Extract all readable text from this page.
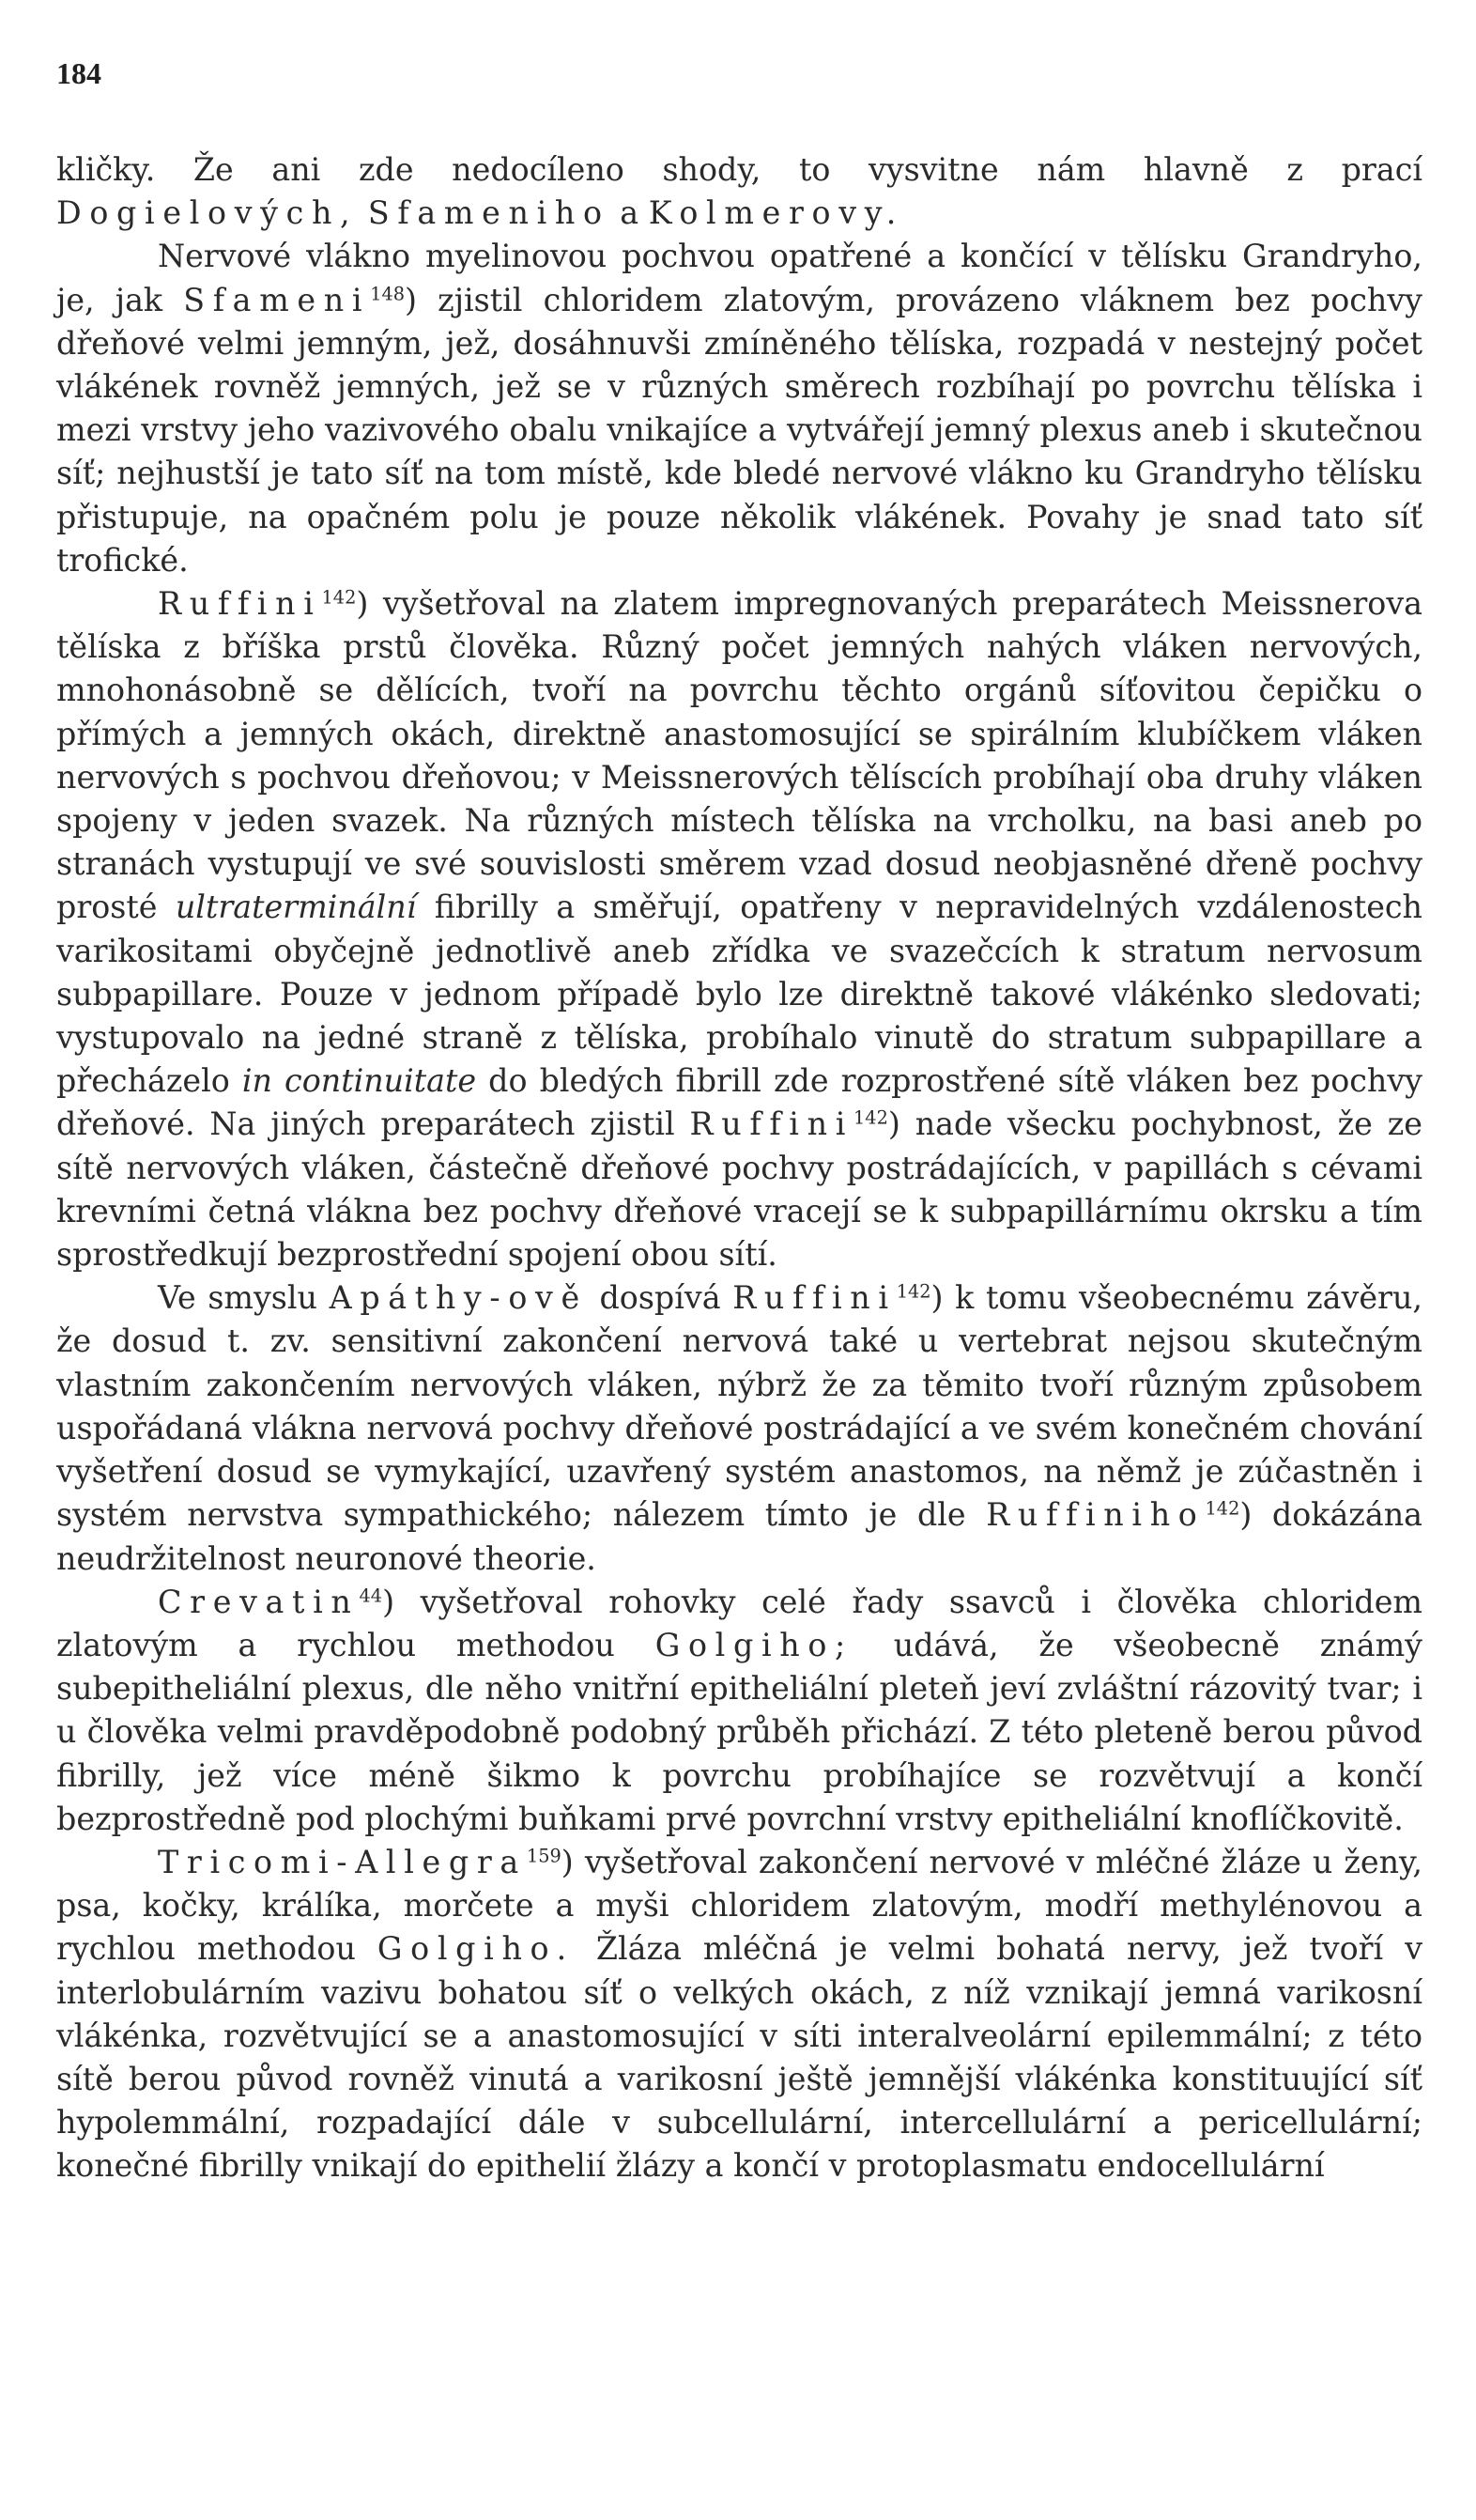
184

kličky. Že ani zde nedocíleno shody, to vysvitne nám hlavně z prací Dogielových, Sfameniho a Kolmerovy.

Nervové vlákno myelinovou pochvou opatřené a končící v tělísku Grandryho, je, jak Sfameni$^{148}$) zjistil chloridem zlatovým, provázeno vláknem bez pochvy dřeňové velmi jemným, jež, dosáhnuvši zmíněného tělíska, rozpadá v nestejný počet vlákének rovněž jemných, jež se v různých směrech rozbíhají po povrchu tělíska i mezi vrstvy jeho vazivového obalu vnikajíce a vytvářejí jemný plexus aneb i skutečnou síť; nejhustší je tato síť na tom místě, kde bledé nervové vlákno ku Grandryho tělísku přistupuje, na opačném polu je pouze několik vlákének. Povahy je snad tato síť trofické.

Ruffini$^{142}$) vyšetřoval na zlatem impregnovaných preparátech Meissnerova tělíska z bříška prstů člověka. Různý počet jemných nahých vláken nervových, mnohonásobně se dělících, tvoří na povrchu těchto orgánů síťovitou čepičku o přímých a jemných okách, direktně anastomosující se spirálním klubíčkem vláken nervových s pochvou dřeňovou; v Meissnerových tělíscích probíhají oba druhy vláken spojeny v jeden svazek. Na různých místech tělíska na vrcholku, na basi aneb po stranách vystupují ve své souvislosti směrem vzad dosud neobjasněné dřeně pochvy prosté ultraterminální fibrilly a směřují, opatřeny v nepravidelných vzdálenostech varikositami obyčejně jednotlivě aneb zřídka ve svazečcích k stratum nervosum subpapillare. Pouze v jednom případě bylo lze direktně takové vlákénko sledovati; vystupovalo na jedné straně z tělíska, probíhalo vinutě do stratum subpapillare a přecházelo in continuitate do bledých fibrill zde rozprostřené sítě vláken bez pochvy dřeňové. Na jiných preparátech zjistil Ruffini$^{142}$) nade všecku pochybnost, že ze sítě nervových vláken, částečně dřeňové pochvy postrádajících, v papillách s cévami krevními četná vlákna bez pochvy dřeňové vracejí se k subpapillárnímu okrsku a tím sprostředkují bezprostřední spojení obou sítí.

Ve smyslu Apáthy-ově dospívá Ruffini$^{142}$) k tomu všeobecnému závěru, že dosud t. zv. sensitivní zakončení nervová také u vertebrat nejsou skutečným vlastním zakončením nervových vláken, nýbrž že za těmito tvoří různým způsobem uspořádaná vlákna nervová pochvy dřeňové postrádající a ve svém konečném chování vyšetření dosud se vymykající, uzavřený systém anastomos, na němž je zúčastněn i systém nervstva sympathického; nálezem tímto je dle Ruffiniho$^{142}$) dokázána neudržitelnost neuronové theorie.

Crevatin$^{44}$) vyšetřoval rohovky celé řady ssavců i člověka chloridem zlatovým a rychlou methodou Golgiho; udává, že všeobecně známý subepitheliální plexus, dle něho vnitřní epitheliální pleteň jeví zvláštní rázovitý tvar; i u člověka velmi pravděpodobně podobný průběh přichází. Z této pleteně berou původ fibrilly, jež více méně šikmo k povrchu probíhajíce se rozvětvují a končí bezprostředně pod plochými buňkami prvé povrchní vrstvy epitheliální knoflíčkovitě.

Tricomi-Allegra$^{159}$) vyšetřoval zakončení nervové v mléčné žláze u ženy, psa, kočky, králíka, morčete a myši chloridem zlatovým, modří methylénovou a rychlou methodou Golgiho. Žláza mléčná je velmi bohatá nervy, jež tvoří v interlobulárním vazivu bohatou síť o velkých okách, z níž vznikají jemná varikosní vlákénka, rozvětvující se a anastomosující v síti interalveolární epilemmální; z této sítě berou původ rovněž vinutá a varikosní ještě jemnější vlákénka konstituující síť hypolemmální, rozpadající dále v subcellulární, intercellulární a pericellulární; konečné fibrilly vnikají do epithelií žlázy a končí v protoplasmatu endocellulární
